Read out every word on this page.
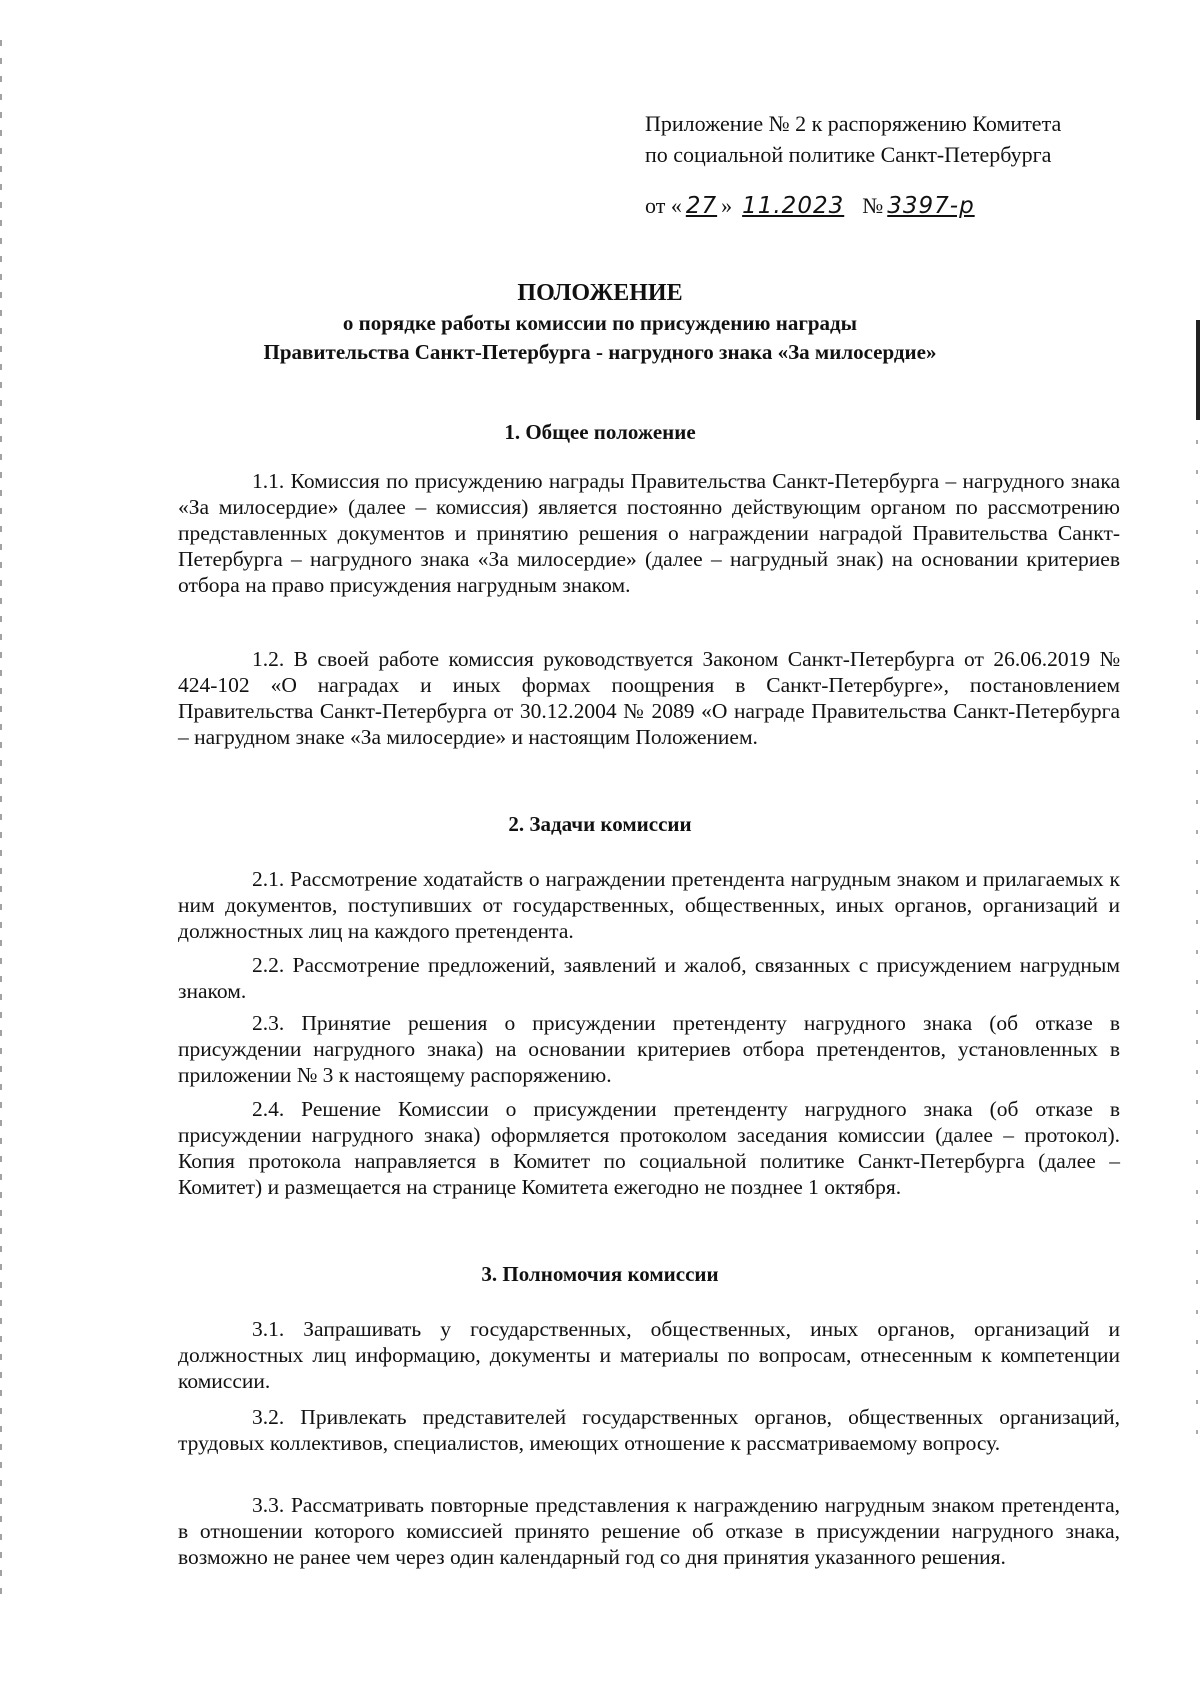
Приложение № 2 к распоряжению Комитета
по социальной политике Санкт-Петербурга
от « 27 » 11.2023 № 3397-р
ПОЛОЖЕНИЕ
о порядке работы комиссии по присуждению награды
Правительства Санкт-Петербурга - нагрудного знака «За милосердие»
1. Общее положение

1.1. Комиссия по присуждению награды Правительства Санкт-Петербурга – нагрудного знака «За милосердие» (далее – комиссия) является постоянно действующим органом по рассмотрению представленных документов и принятию решения о награждении наградой Правительства Санкт-Петербурга – нагрудного знака «За милосердие» (далее – нагрудный знак) на основании критериев отбора на право присуждения нагрудным знаком.

1.2. В своей работе комиссия руководствуется Законом Санкт-Петербурга от 26.06.2019 № 424-102 «О наградах и иных формах поощрения в Санкт-Петербурге», постановлением Правительства Санкт-Петербурга от 30.12.2004 № 2089 «О награде Правительства Санкт-Петербурга – нагрудном знаке «За милосердие» и настоящим Положением.

2. Задачи комиссии

2.1. Рассмотрение ходатайств о награждении претендента нагрудным знаком и прилагаемых к ним документов, поступивших от государственных, общественных, иных органов, организаций и должностных лиц на каждого претендента.

2.2. Рассмотрение предложений, заявлений и жалоб, связанных с присуждением нагрудным знаком.

2.3. Принятие решения о присуждении претенденту нагрудного знака (об отказе в присуждении нагрудного знака) на основании критериев отбора претендентов, установленных в приложении № 3 к настоящему распоряжению.

2.4. Решение Комиссии о присуждении претенденту нагрудного знака (об отказе в присуждении нагрудного знака) оформляется протоколом заседания комиссии (далее – протокол). Копия протокола направляется в Комитет по социальной политике Санкт-Петербурга (далее – Комитет) и размещается на странице Комитета ежегодно не позднее 1 октября.

3. Полномочия комиссии

3.1. Запрашивать у государственных, общественных, иных органов, организаций и должностных лиц информацию, документы и материалы по вопросам, отнесенным к компетенции комиссии.

3.2. Привлекать представителей государственных органов, общественных организаций, трудовых коллективов, специалистов, имеющих отношение к рассматриваемому вопросу.

3.3. Рассматривать повторные представления к награждению нагрудным знаком претендента, в отношении которого комиссией принято решение об отказе в присуждении нагрудного знака, возможно не ранее чем через один календарный год со дня принятия указанного решения.
